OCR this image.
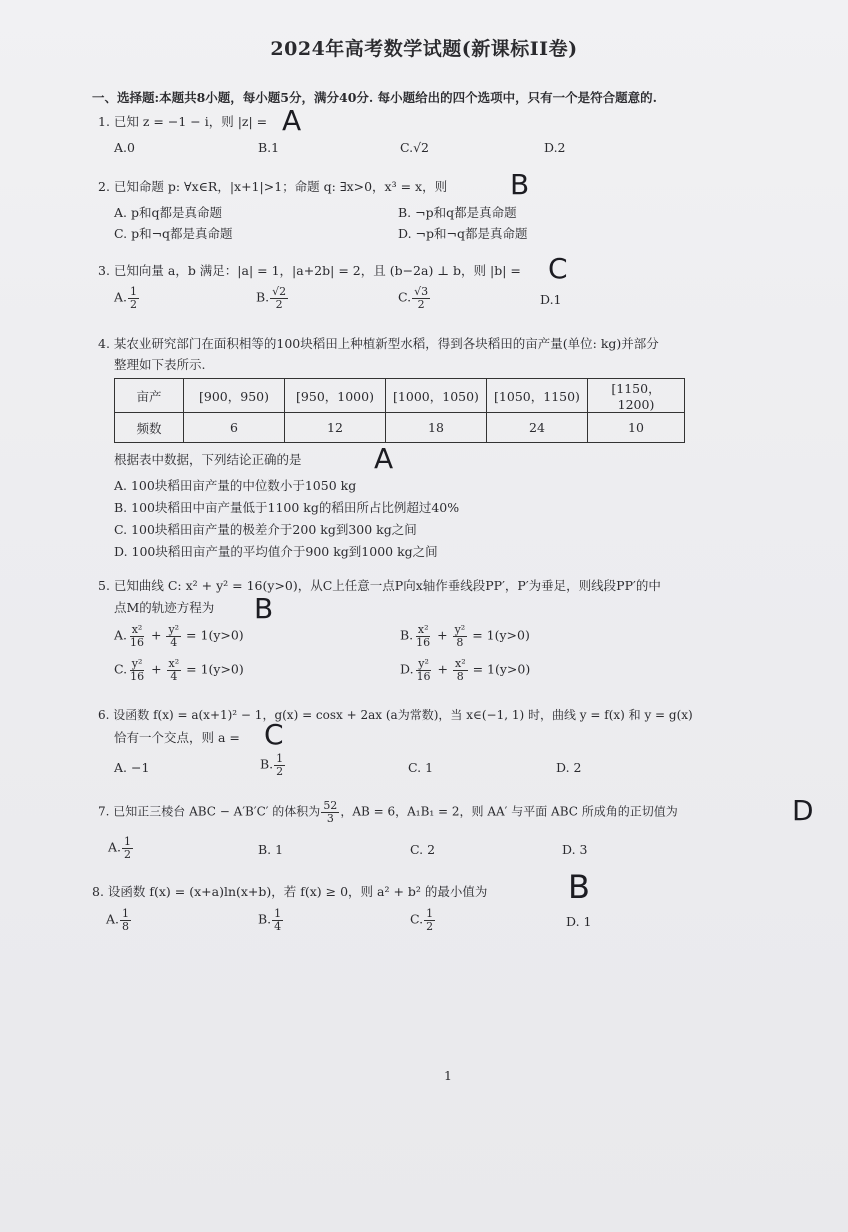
2024年高考数学试题(新课标II卷)
一、选择题:本题共8小题，每小题5分，满分40分. 每小题给出的四个选项中，只有一个是符合题意的.
1. 已知 z = −1 − i，则 |z| = A
A.0	B.1	C.√2	D.2
2. 已知命题 p: ∀x∈R，|x+1|>1；命题 q: ∃x>0，x³ = x，则 B
A. p和q都是真命题	B. ¬p和q都是真命题
C. p和¬q都是真命题	D. ¬p和¬q都是真命题
3. 已知向量 a，b 满足：|a| = 1，|a+2b| = 2，且 (b−2a) ⊥ b，则 |b| = C
A. $\frac{1}{2}$	B. $\frac{√2}{2}$	C. $\frac{√3}{2}$	D.1
4. 某农业研究部门在面积相等的100块稻田上种植新型水稻，得到各块稻田的亩产量(单位: kg)并部分
整理如下表所示.
亩产	[900，950)	[950，1000)	[1000，1050)	[1050，1150)	[1150，1200)
频数	6	12	18	24	10
根据表中数据，下列结论正确的是	A
A. 100块稻田亩产量的中位数小于1050 kg
B. 100块稻田中亩产量低于1100 kg的稻田所占比例超过40%
C. 100块稻田亩产量的极差介于200 kg到300 kg之间
D. 100块稻田亩产量的平均值介于900 kg到1000 kg之间
5. 已知曲线 C: x² + y² = 16(y>0)，从C上任意一点P向x轴作垂线段PP′，P′为垂足，则线段PP′的中
点M的轨迹方程为 B
A. $\frac{\text{x²}}{16} + \frac{\text{y²}}{4} = 1(y>0)$	B. $\frac{\text{x²}}{16} + \frac{\text{y²}}{8} = 1(y>0)$
C. $\frac{\text{y²}}{16} + \frac{\text{x²}}{4} = 1(y>0)$	D. $\frac{\text{y²}}{16} + \frac{\text{x²}}{8} = 1(y>0)$
6. 设函数 f(x) = a(x+1)² − 1，g(x) = cosx + 2ax (a为常数)，当 x∈(−1, 1) 时，曲线 y = f(x) 和 y = g(x)
恰有一个交点，则 a = C
A. −1	B. $\frac{1}{2}$	C. 1	D. 2
7. 已知正三棱台 ABC − A′B′C′ 的体积为 $\frac{52}{3}$ ，AB = 6，A₁B₁ = 2，则 AA′ 与平面 ABC 所成角的正切值为	D
A. $\frac{1}{2}$	B. 1	C. 2	D. 3
8. 设函数 f(x) = (x+a)ln(x+b)，若 f(x) ≥ 0，则 a² + b² 的最小值为	B
A. $\frac{1}{8}$	B. $\frac{1}{4}$	C. $\frac{1}{2}$	D. 1
1
